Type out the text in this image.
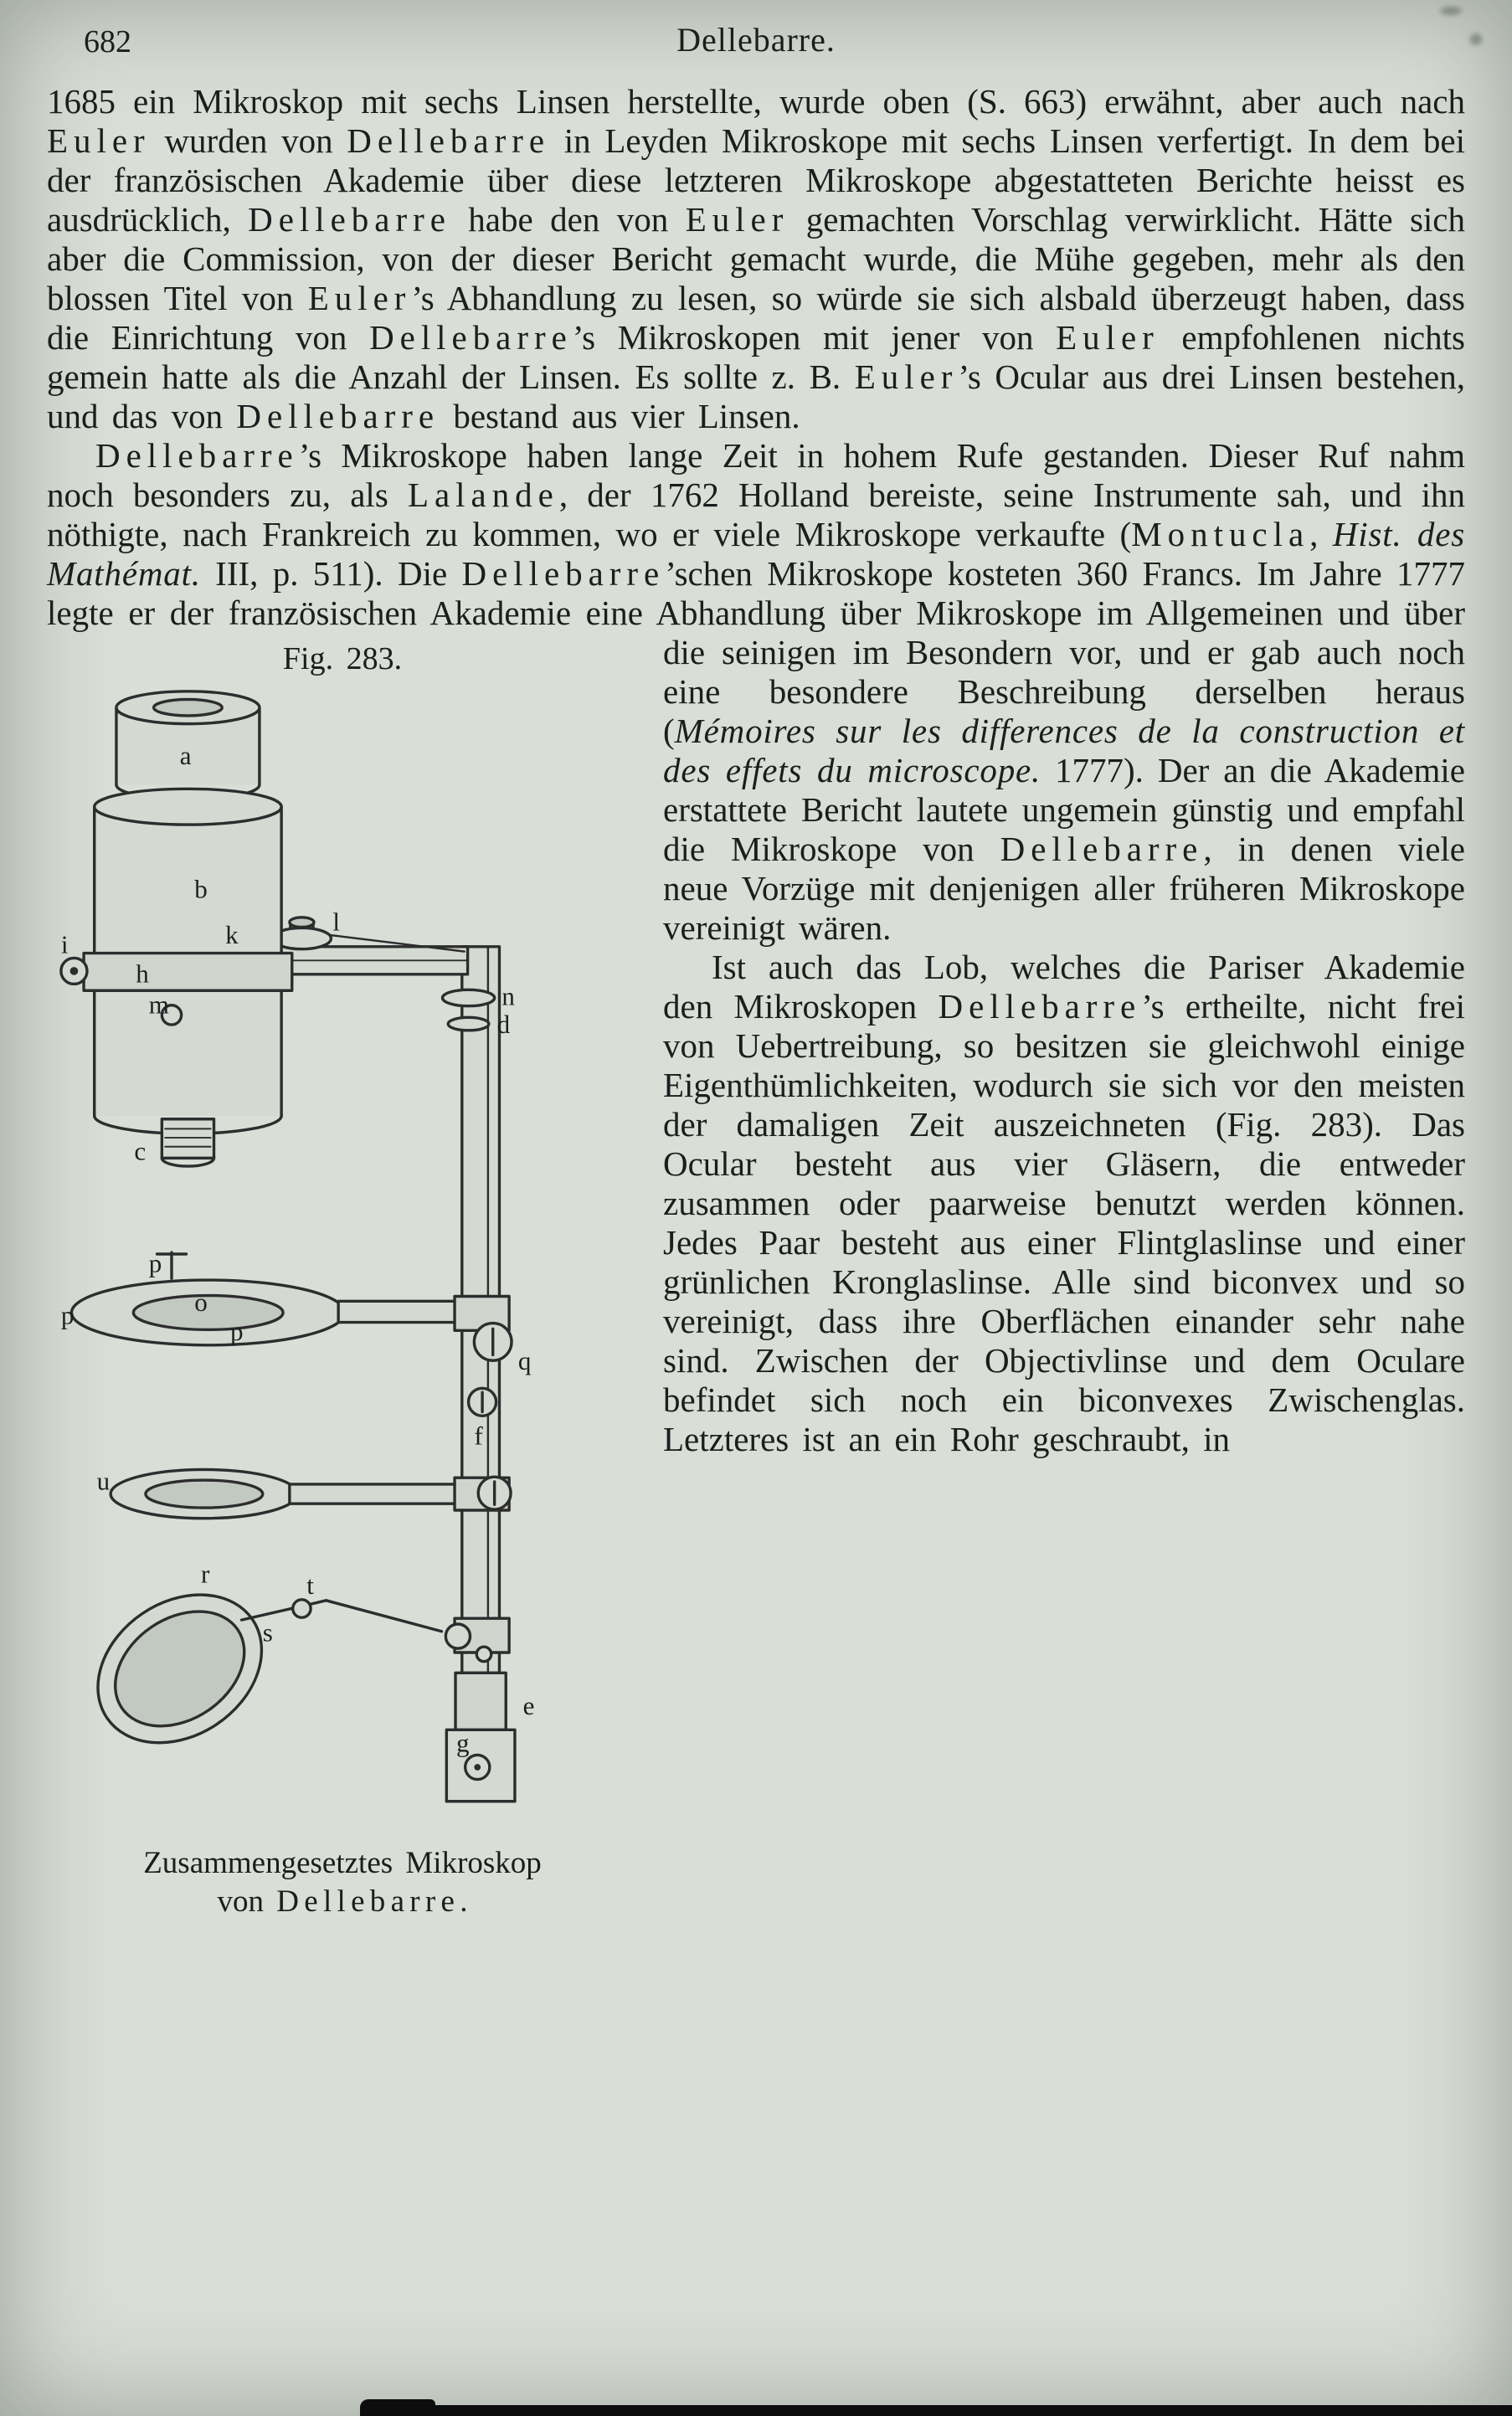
682	Dellebarre.

1685 ein Mikroskop mit sechs Linsen herstellte, wurde oben (S. 663) erwähnt, aber auch nach Euler wurden von Dellebarre in Leyden Mikroskope mit sechs Linsen verfertigt. In dem bei der französischen Akademie über diese letzteren Mikroskope abgestatteten Berichte heisst es ausdrücklich, Dellebarre habe den von Euler gemachten Vorschlag verwirklicht. Hätte sich aber die Commission, von der dieser Bericht gemacht wurde, die Mühe gegeben, mehr als den blossen Titel von Euler’s Abhandlung zu lesen, so würde sie sich alsbald überzeugt haben, dass die Einrichtung von Dellebarre’s Mikroskopen mit jener von Euler empfohlenen nichts gemein hatte als die Anzahl der Linsen. Es sollte z. B. Euler’s Ocular aus drei Linsen bestehen, und das von Dellebarre bestand aus vier Linsen.

Dellebarre’s Mikroskope haben lange Zeit in hohem Rufe gestanden. Dieser Ruf nahm noch besonders zu, als Lalande, der 1762 Holland bereiste, seine Instrumente sah, und ihn nöthigte, nach Frankreich zu kommen, wo er viele Mikroskope verkaufte (Montucla, Hist. des Mathémat. III, p. 511). Die Dellebarre’schen Mikroskope kosteten 360 Francs. Im Jahre 1777 legte er der französischen Akademie eine Abhandlung über Mikroskope im Allgemeinen und über die seinigen im
Fig. 283.
a
b
c
i	k	l
h
m	n
d
p
p	o
p
q
f
u
r
s
t
e
g
Zusammengesetztes Mikroskop
von Dellebarre.
Besondern vor, und er gab auch noch eine besondere Beschreibung derselben heraus (Mémoires sur les differences de la construction et des effets du microscope. 1777). Der an die Akademie erstattete Bericht lautete ungemein günstig und empfahl die Mikroskope von Dellebarre, in denen viele neue Vorzüge mit denjenigen aller früheren Mikroskope vereinigt wären.

Ist auch das Lob, welches die Pariser Akademie den Mikroskopen Dellebarre’s ertheilte, nicht frei von Uebertreibung, so besitzen sie gleichwohl einige Eigenthümlichkeiten, wodurch sie sich vor den meisten der damaligen Zeit auszeichneten (Fig. 283). Das Ocular besteht aus vier Gläsern, die entweder zusammen oder paarweise benutzt werden können. Jedes Paar besteht aus einer Flintglaslinse und einer grünlichen Kronglaslinse. Alle sind biconvex und so vereinigt, dass ihre Oberflächen einander sehr nahe sind. Zwischen der Objectivlinse und dem Oculare befindet sich noch ein biconvexes Zwischenglas. Letzteres ist an ein Rohr geschraubt, in
